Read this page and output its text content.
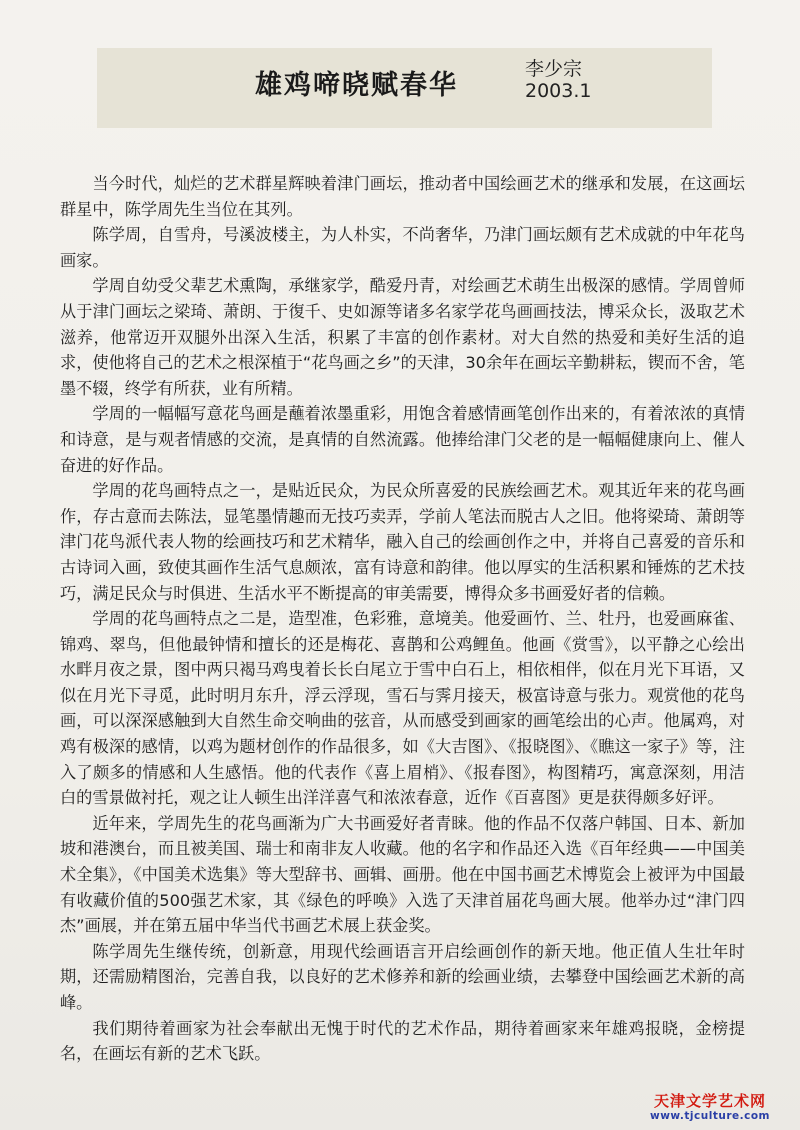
雄鸡啼晓赋春华
李少宗
2003.1

当今时代，灿烂的艺术群星辉映着津门画坛，推动者中国绘画艺术的继承和发展，在这画坛群星中，陈学周先生当位在其列。

陈学周，自雪舟，号溪波楼主，为人朴实，不尚奢华，乃津门画坛颇有艺术成就的中年花鸟画家。

学周自幼受父辈艺术熏陶，承继家学，酷爱丹青，对绘画艺术萌生出极深的感情。学周曾师从于津门画坛之梁琦、萧朗、于復千、史如源等诸多名家学花鸟画画技法，博采众长，汲取艺术滋养，他常迈开双腿外出深入生活，积累了丰富的创作素材。对大自然的热爱和美好生活的追求，使他将自己的艺术之根深植于“花鸟画之乡”的天津，30余年在画坛辛勤耕耘，锲而不舍，笔墨不辍，终学有所获，业有所精。

学周的一幅幅写意花鸟画是蘸着浓墨重彩，用饱含着感情画笔创作出来的，有着浓浓的真情和诗意，是与观者情感的交流，是真情的自然流露。他捧给津门父老的是一幅幅健康向上、催人奋进的好作品。

学周的花鸟画特点之一，是贴近民众，为民众所喜爱的民族绘画艺术。观其近年来的花鸟画作，存古意而去陈法，显笔墨情趣而无技巧卖弄，学前人笔法而脱古人之旧。他将梁琦、萧朗等津门花鸟派代表人物的绘画技巧和艺术精华，融入自己的绘画创作之中，并将自己喜爱的音乐和古诗词入画，致使其画作生活气息颇浓，富有诗意和韵律。他以厚实的生活积累和锤炼的艺术技巧，满足民众与时俱进、生活水平不断提高的审美需要，博得众多书画爱好者的信赖。

学周的花鸟画特点之二是，造型准，色彩雅，意境美。他爱画竹、兰、牡丹，也爱画麻雀、锦鸡、翠鸟，但他最钟情和擅长的还是梅花、喜鹊和公鸡鲤鱼。他画《赏雪》，以平静之心绘出水畔月夜之景，图中两只褐马鸡曳着长长白尾立于雪中白石上，相依相伴，似在月光下耳语，又似在月光下寻觅，此时明月东升，浮云浮现，雪石与霁月接天，极富诗意与张力。观赏他的花鸟画，可以深深感触到大自然生命交响曲的弦音，从而感受到画家的画笔绘出的心声。他属鸡，对鸡有极深的感情，以鸡为题材创作的作品很多，如《大吉图》、《报晓图》、《瞧这一家子》等，注入了颇多的情感和人生感悟。他的代表作《喜上眉梢》、《报春图》，构图精巧，寓意深刻，用洁白的雪景做衬托，观之让人顿生出洋洋喜气和浓浓春意，近作《百喜图》更是获得颇多好评。

近年来，学周先生的花鸟画渐为广大书画爱好者青睐。他的作品不仅落户韩国、日本、新加坡和港澳台，而且被美国、瑞士和南非友人收藏。他的名字和作品还入选《百年经典——中国美术全集》，《中国美术选集》等大型辞书、画辑、画册。他在中国书画艺术博览会上被评为中国最有收藏价值的500强艺术家，其《绿色的呼唤》入选了天津首届花鸟画大展。他举办过“津门四杰”画展，并在第五届中华当代书画艺术展上获金奖。

陈学周先生继传统，创新意，用现代绘画语言开启绘画创作的新天地。他正值人生壮年时期，还需励精图治，完善自我，以良好的艺术修养和新的绘画业绩，去攀登中国绘画艺术新的高峰。

我们期待着画家为社会奉献出无愧于时代的艺术作品，期待着画家来年雄鸡报晓，金榜提名，在画坛有新的艺术飞跃。

天津文学艺术网
www.tjculture.com
